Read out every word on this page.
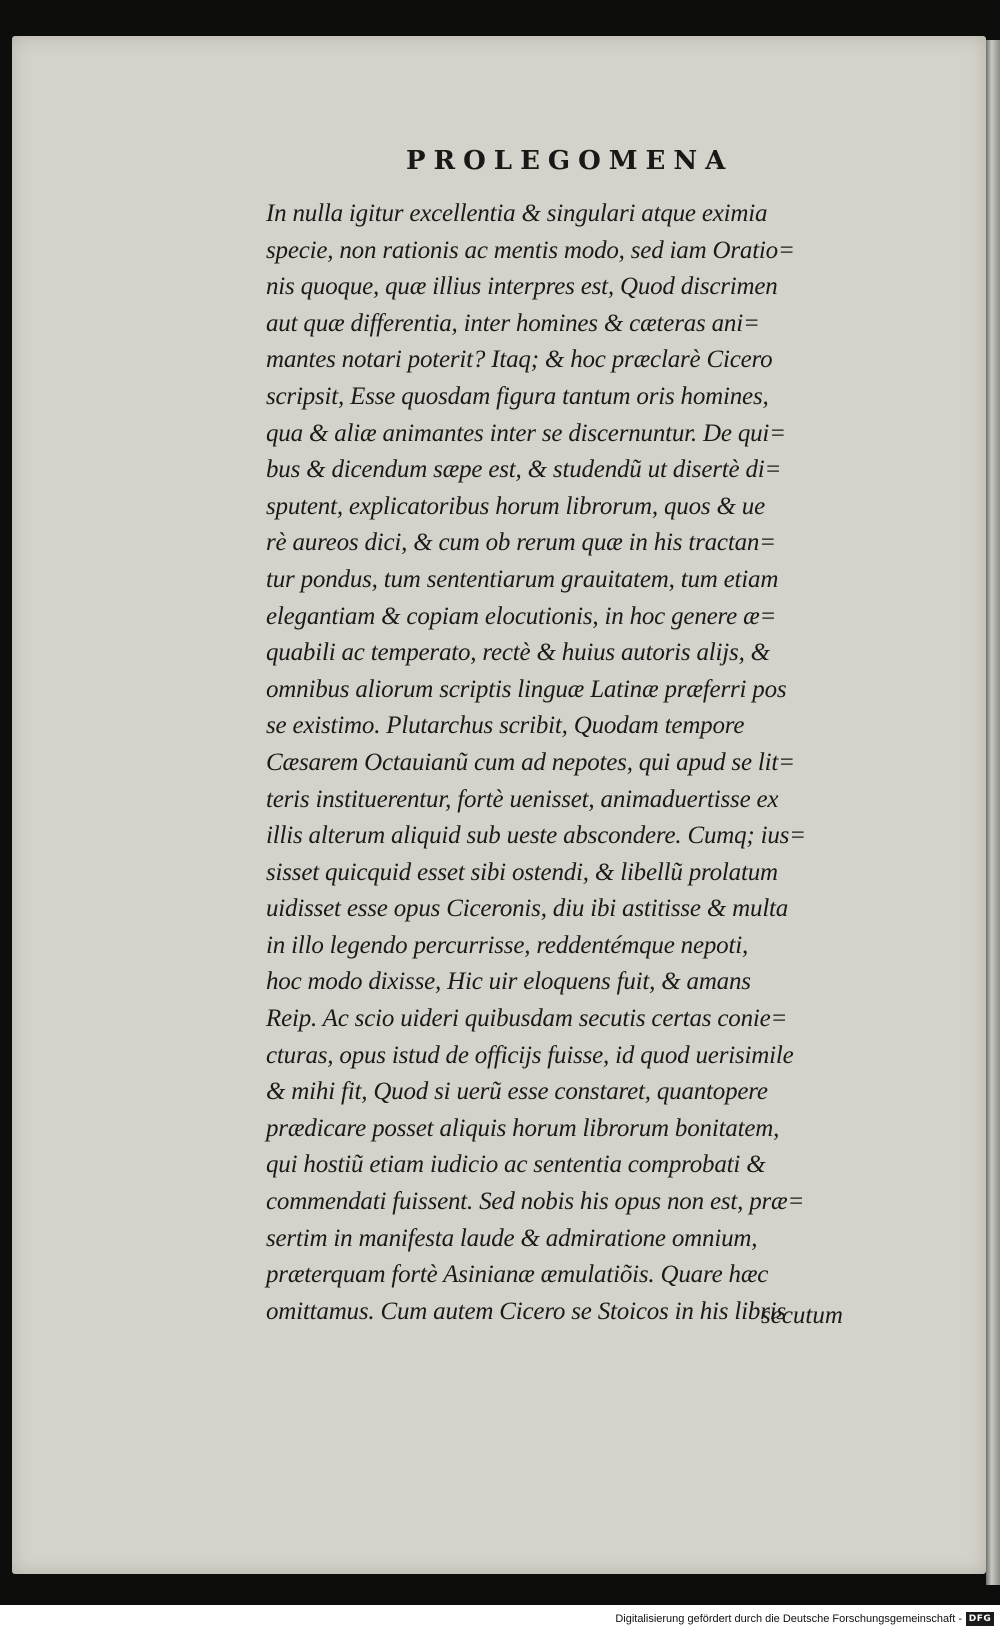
PROLEGOMENA
In nulla igitur excellentia & singulari atque eximia
specie, non rationis ac mentis modo, sed iam Oratio=
nis quoque, quæ illius interpres est, Quod discrimen
aut quæ differentia, inter homines & cæteras ani=
mantes notari poterit? Itaq; & hoc præclarè Cicero
scripsit, Esse quosdam figura tantum oris homines,
qua & aliæ animantes inter se discernuntur. De qui=
bus & dicendum sæpe est, & studendũ ut disertè di=
sputent, explicatoribus horum librorum, quos & ue
rè aureos dici, & cum ob rerum quæ in his tractan=
tur pondus, tum sententiarum grauitatem, tum etiam
elegantiam & copiam elocutionis, in hoc genere æ=
quabili ac temperato, rectè & huius autoris alijs, &
omnibus aliorum scriptis linguæ Latinæ præferri pos
se existimo. Plutarchus scribit, Quodam tempore
Cæsarem Octauianũ cum ad nepotes, qui apud se lit=
teris instituerentur, fortè uenisset, animaduertisse ex
illis alterum aliquid sub ueste abscondere. Cumq; ius=
sisset quicquid esset sibi ostendi, & libellũ prolatum
uidisset esse opus Ciceronis, diu ibi astitisse & multa
in illo legendo percurrisse, reddentémque nepoti,
hoc modo dixisse, Hic uir eloquens fuit, & amans
Reip. Ac scio uideri quibusdam secutis certas conie=
cturas, opus istud de officijs fuisse, id quod uerisimile
& mihi fit, Quod si uerũ esse constaret, quantopere
prædicare posset aliquis horum librorum bonitatem,
qui hostiũ etiam iudicio ac sententia comprobati &
commendati fuissent. Sed nobis his opus non est, præ=
sertim in manifesta laude & admiratione omnium,
præterquam fortè Asinianæ æmulatiõis. Quare hæc
omittamus. Cum autem Cicero se Stoicos in his libris
secutum
Digitalisierung gefördert durch die Deutsche Forschungsgemeinschaft - DFG
